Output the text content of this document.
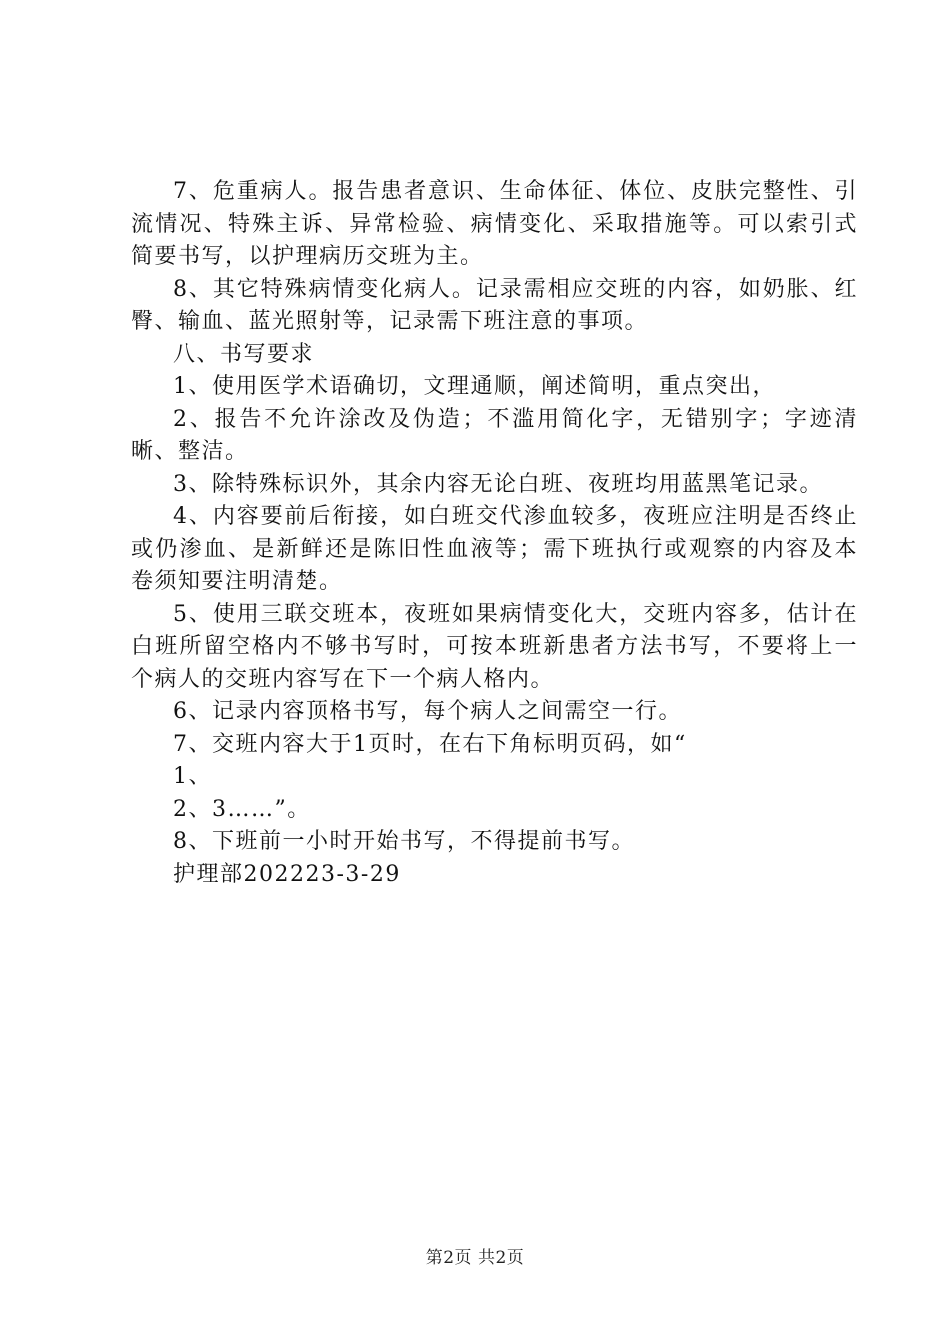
7、危重病人。报告患者意识、生命体征、体位、皮肤完整性、引流情况、特殊主诉、异常检验、病情变化、采取措施等。可以索引式简要书写，以护理病历交班为主。

8、其它特殊病情变化病人。记录需相应交班的内容，如奶胀、红臀、输血、蓝光照射等，记录需下班注意的事项。

八、书写要求

1、使用医学术语确切，文理通顺，阐述简明，重点突出，

2、报告不允许涂改及伪造；不滥用简化字，无错别字；字迹清晰、整洁。

3、除特殊标识外，其余内容无论白班、夜班均用蓝黑笔记录。

4、内容要前后衔接，如白班交代渗血较多，夜班应注明是否终止或仍渗血、是新鲜还是陈旧性血液等；需下班执行或观察的内容及本卷须知要注明清楚。

5、使用三联交班本，夜班如果病情变化大，交班内容多，估计在白班所留空格内不够书写时，可按本班新患者方法书写，不要将上一个病人的交班内容写在下一个病人格内。

6、记录内容顶格书写，每个病人之间需空一行。

7、交班内容大于1页时，在右下角标明页码，如“

1、

2、3……”。

8、下班前一小时开始书写，不得提前书写。

护理部202223-3-29

第2页 共2页
